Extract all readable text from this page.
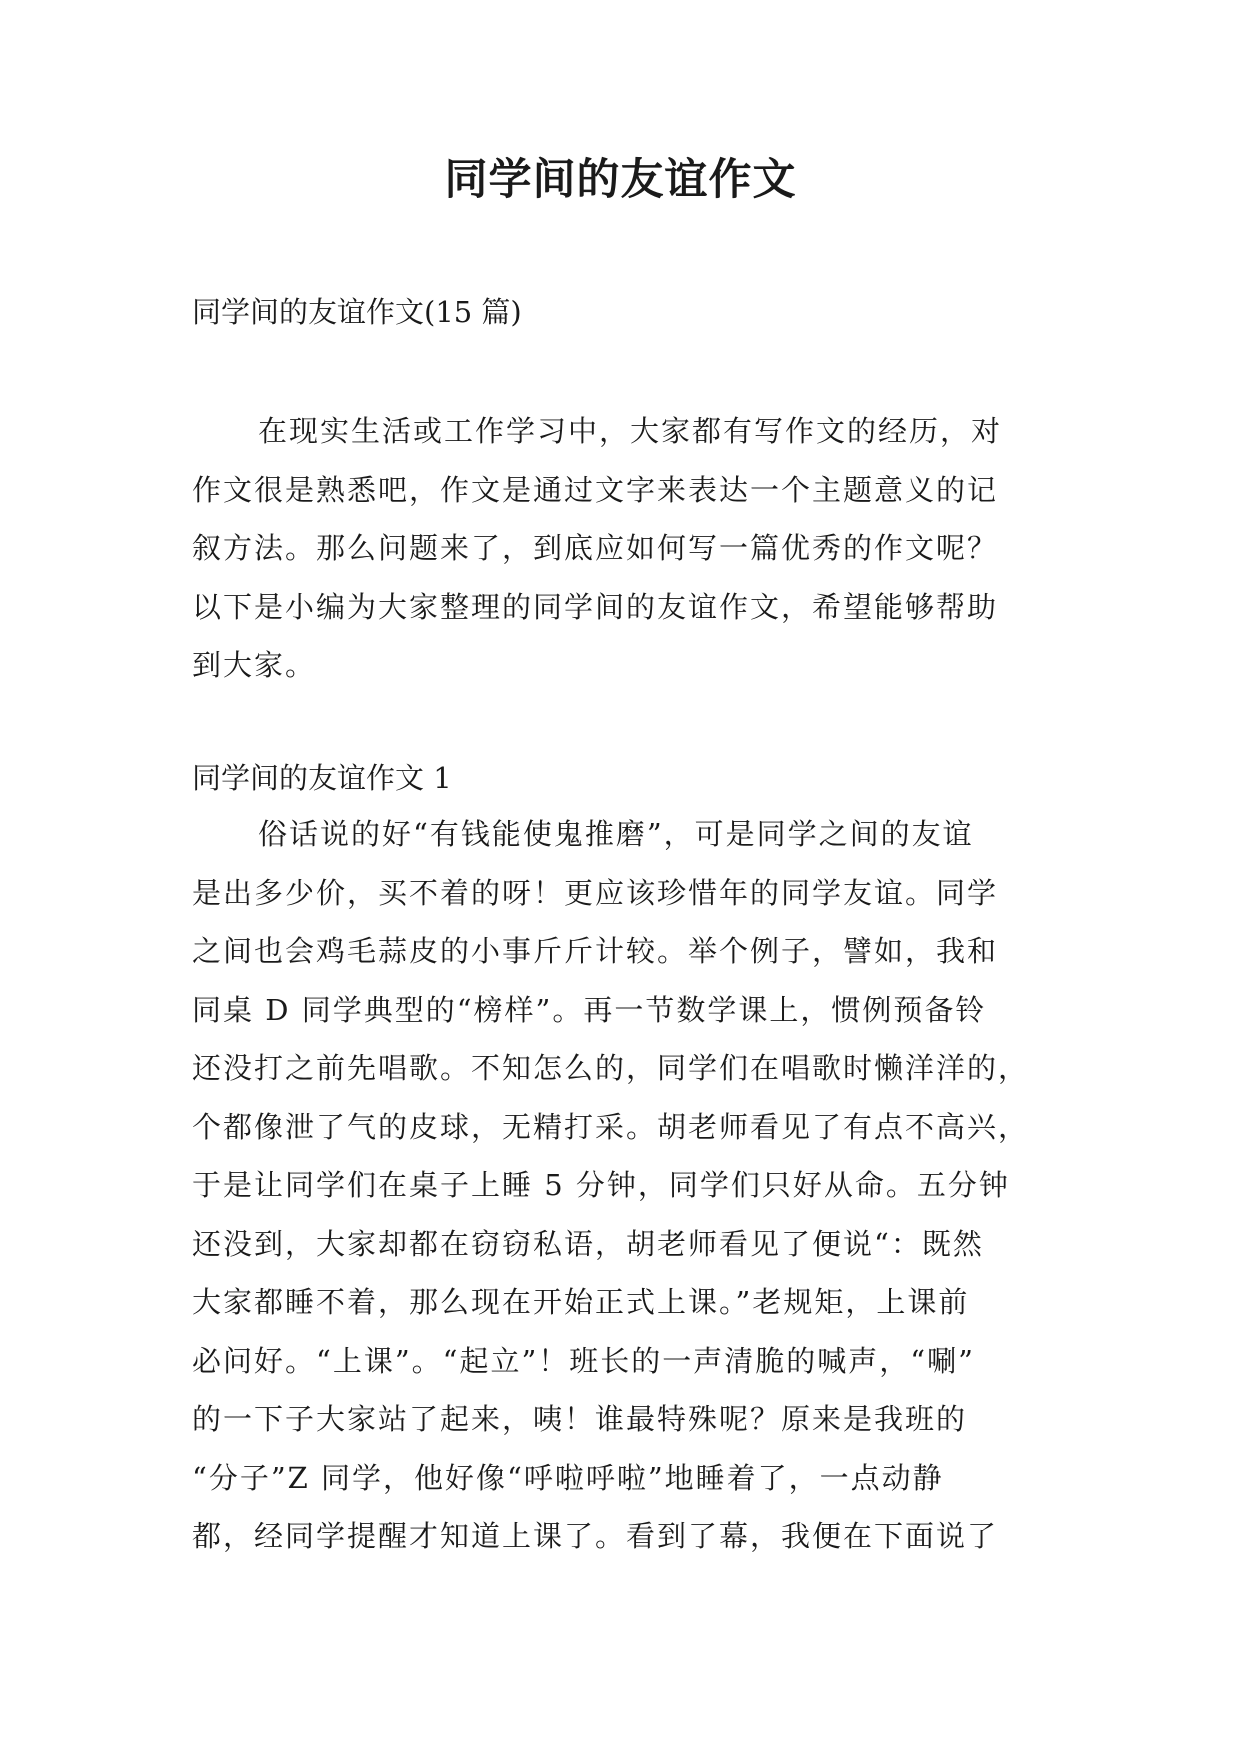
同学间的友谊作文

同学间的友谊作文(15 篇)

在现实生活或工作学习中，大家都有写作文的经历，对
作文很是熟悉吧，作文是通过文字来表达一个主题意义的记
叙方法。那么问题来了，到底应如何写一篇优秀的作文呢？
以下是小编为大家整理的同学间的友谊作文，希望能够帮助
到大家。

同学间的友谊作文 1

俗话说的好“有钱能使鬼推磨”，可是同学之间的友谊
是出多少价，买不着的呀！更应该珍惜年的同学友谊。同学
之间也会鸡毛蒜皮的小事斤斤计较。举个例子，譬如，我和
同桌 D 同学典型的“榜样”。再一节数学课上，惯例预备铃
还没打之前先唱歌。不知怎么的，同学们在唱歌时懒洋洋的，
个都像泄了气的皮球，无精打采。胡老师看见了有点不高兴，
于是让同学们在桌子上睡 5 分钟，同学们只好从命。五分钟
还没到，大家却都在窃窃私语，胡老师看见了便说“：既然
大家都睡不着，那么现在开始正式上课。”老规矩，上课前
必问好。“上课”。“起立”！班长的一声清脆的喊声，“唰”
的一下子大家站了起来，咦！谁最特殊呢？原来是我班的
“分子”Z 同学，他好像“呼啦呼啦”地睡着了，一点动静
都，经同学提醒才知道上课了。看到了幕，我便在下面说了
